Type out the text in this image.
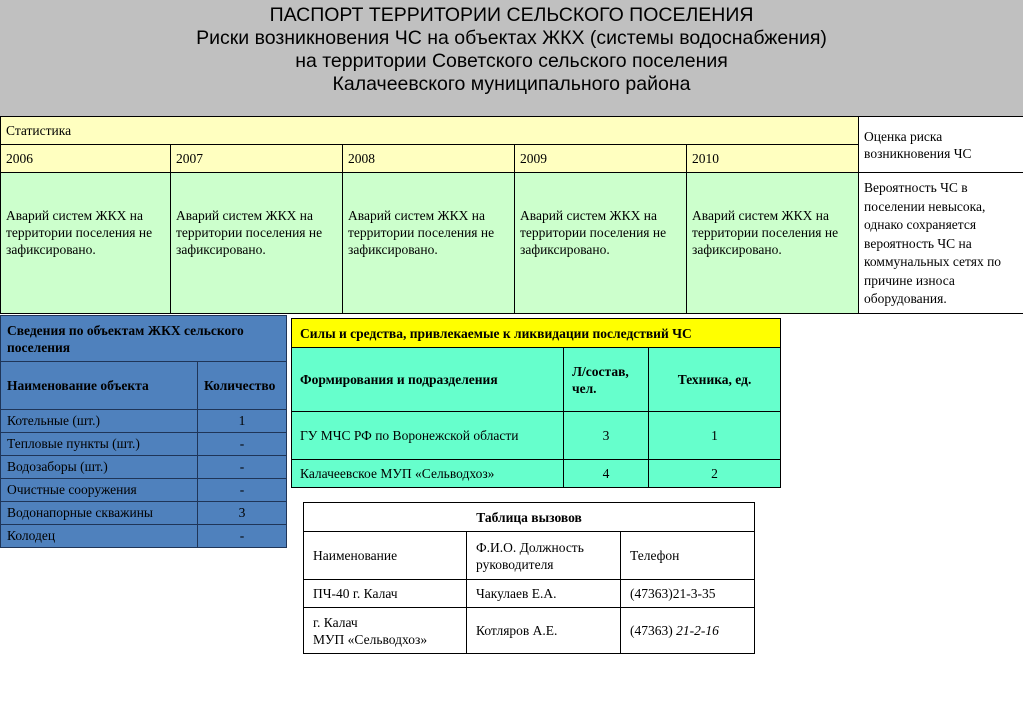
ПАСПОРТ ТЕРРИТОРИИ СЕЛЬСКОГО ПОСЕЛЕНИЯ
Риски возникновения ЧС на объектах ЖКХ (системы водоснабжения)
на территории Советского сельского поселения
Калачеевского муниципального района
Статистика					Оценка риска возникновения ЧС
2006	2007	2008	2009	2010	
Аварий систем ЖКХ на территории поселения не зафиксировано.	Аварий систем ЖКХ на территории поселения не зафиксировано.	Аварий систем ЖКХ на территории поселения не зафиксировано.	Аварий систем ЖКХ на территории поселения не зафиксировано.	Аварий систем ЖКХ на территории поселения не зафиксировано.	Вероятность ЧС в поселении невысока, однако сохраняется вероятность ЧС на коммунальных сетях по причине износа оборудования.
Сведения по объектам ЖКХ сельского поселения	
Наименование объекта	Количество
Котельные (шт.)	1
Тепловые пункты (шт.)	-
Водозаборы (шт.)	-
Очистные сооружения	-
Водонапорные скважины	3
Колодец	-
Силы и средства, привлекаемые к ликвидации последствий ЧС		
Формирования и подразделения	Л/состав, чел.	Техника, ед.
ГУ МЧС РФ по Воронежской области	3	1
Калачеевское МУП «Сельводхоз»	4	2
Таблица вызовов		
Наименование	Ф.И.О. Должность руководителя	Телефон
ПЧ-40 г. Калач	Чакулаев Е.А.	(47363)21-3-35

г. Калач
МУП «Сельводхоз»	Котляров А.Е.	(47363) 21-2-16
